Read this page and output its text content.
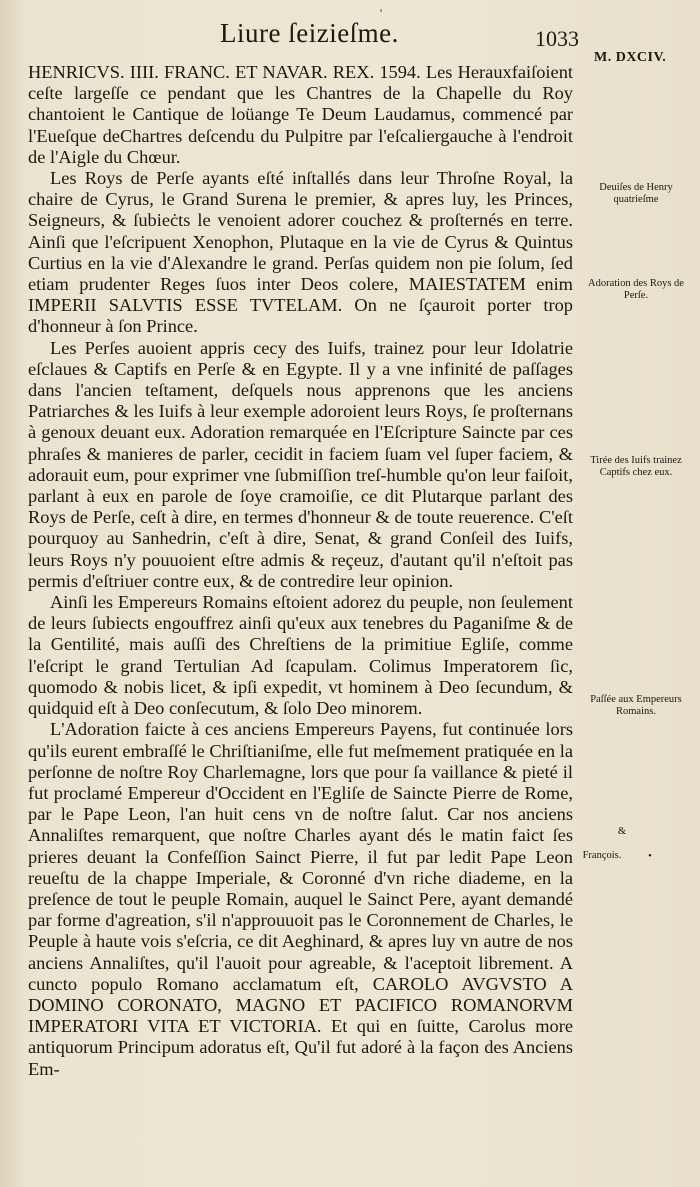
'
Liure ſeizieſme.	1033
M. DXCIV.

HENRICVS. IIII. FRANC. ET NAVAR. REX. 1594. Les Herauxfaiſoient ceſte largeſſe ce pendant que les Chantres de la Chapelle du Roy chantoient le Cantique de loüange Te Deum Laudamus, commencé par l'Eueſque deChartres deſcendu du Pulpitre par l'eſcaliergauche à l'endroit de l'Aigle du Chœur.

Les Roys de Perſe ayants eſté inſtallés dans leur Throſne Royal, la chaire de Cyrus, le Grand Surena le premier, & apres luy, les Princes, Seigneurs, & ſubieċts le venoient adorer couchez & proſternés en terre. Ainſi que l'eſcripuent Xenophon, Plutaque en la vie de Cyrus & Quintus Curtius en la vie d'Alexandre le grand. Perſas quidem non pie ſolum, ſed etiam prudenter Reges ſuos inter Deos colere, MAIESTATEM enim IMPERII SALVTIS ESSE TVTELAM. On ne ſçauroit porter trop d'honneur à ſon Prince.

Les Perſes auoient appris cecy des Iuifs, trainez pour leur Idolatrie eſclaues & Captifs en Perſe & en Egypte. Il y a vne infinité de paſſages dans l'ancien teſtament, deſquels nous apprenons que les anciens Patriarches & les Iuifs à leur exemple adoroient leurs Roys, ſe proſternans à genoux deuant eux. Adoration remarquée en l'Eſcripture Saincte par ces phraſes & manieres de parler, cecidit in faciem ſuam vel ſuper faciem, & adorauit eum, pour exprimer vne ſubmiſſion treſ-humble qu'on leur faiſoit, parlant à eux en parole de ſoye cramoiſie, ce dit Plutarque parlant des Roys de Perſe, ceſt à dire, en termes d'honneur & de toute reuerence. C'eſt pourquoy au Sanhedrin, c'eſt à dire, Senat, & grand Conſeil des Iuifs, leurs Roys n'y pouuoient eſtre admis & reçeuz, d'autant qu'il n'eſtoit pas permis d'eſtriuer contre eux, & de contredire leur opinion.

Ainſi les Empereurs Romains eſtoient adorez du peuple, non ſeulement de leurs ſubiects engouffrez ainſi qu'eux aux tenebres du Paganiſme & de la Gentilité, mais auſſi des Chreſtiens de la primitiue Egliſe, comme l'eſcript le grand Tertulian Ad ſcapulam. Colimus Imperatorem ſic, quomodo & nobis licet, & ipſi expedit, vt hominem à Deo ſecundum, & quidquid eſt à Deo conſecutum, & ſolo Deo minorem.

L'Adoration faicte à ces anciens Empereurs Payens, fut continuée lors qu'ils eurent embraſſé le Chriſtianiſme, elle fut meſmement pratiquée en la perſonne de noſtre Roy Charlemagne, lors que pour ſa vaillance & pieté il fut proclamé Empereur d'Occident en l'Egliſe de Saincte Pierre de Rome, par le Pape Leon, l'an huit cens vn de noſtre ſalut. Car nos anciens Annaliſtes remarquent, que noſtre Charles ayant dés le matin faict ſes prieres deuant la Confeſſion Sainct Pierre, il fut par ledit Pape Leon reueſtu de la chappe Imperiale, & Coronné d'vn riche diademe, en la preſence de tout le peuple Romain, auquel le Sainct Pere, ayant demandé par forme d'agreation, s'il n'approuuoit pas le Coronnement de Charles, le Peuple à haute vois s'eſcria, ce dit Aeghinard, & apres luy vn autre de nos anciens Annaliſtes, qu'il l'auoit pour agreable, & l'aceptoit librement. A cuncto populo Romano acclamatum eſt, CAROLO AVGVSTO A DOMINO CORONATO, MAGNO ET PACIFICO ROMANORVM IMPERATORI VITA ET VICTORIA. Et qui en ſuitte, Carolus more antiquorum Principum adoratus eſt, Qu'il fut adoré à la façon des Anciens Em-

Deuiſes de Henry quatrieſme
Adoration des Roys de Perſe.
Tirée des Iuifs trainez Captifs chez eux.
Paſſée aux Empereurs Romains.
&
François.	•
